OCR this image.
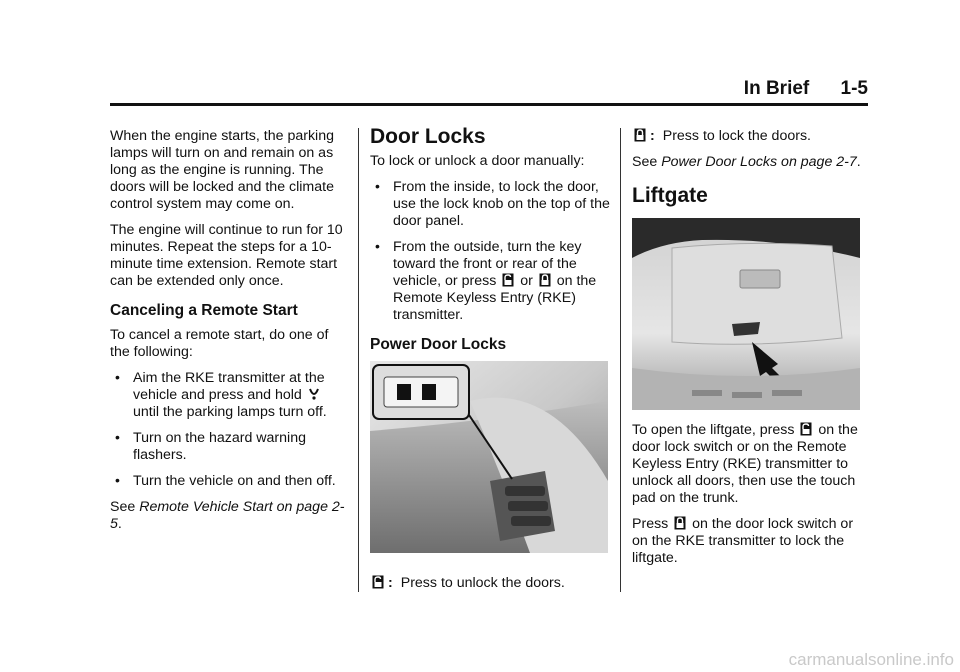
In Brief 1-5

When the engine starts, the parking lamps will turn on and remain on as long as the engine is running. The doors will be locked and the climate control system may come on.

The engine will continue to run for 10 minutes. Repeat the steps for a 10-minute time extension. Remote start can be extended only once.

Canceling a Remote Start

To cancel a remote start, do one of the following:

• Aim the RKE transmitter at the vehicle and press and hold  until the parking lamps turn off.
• Turn on the hazard warning flashers.
• Turn the vehicle on and then off.

See Remote Vehicle Start on page 2-5.

Door Locks

To lock or unlock a door manually:

• From the inside, to lock the door, use the lock knob on the top of the door panel.
• From the outside, turn the key toward the front or rear of the vehicle, or press or on the Remote Keyless Entry (RKE) transmitter.
Power Door Locks
: Press to unlock the doors.
: Press to lock the doors.

See Power Door Locks on page 2-7.

Liftgate

To open the liftgate, press on the door lock switch or on the Remote Keyless Entry (RKE) transmitter to unlock all doors, then use the touch pad on the trunk.

Press on the door lock switch or on the RKE transmitter to lock the liftgate.

carmanualsonline.info
